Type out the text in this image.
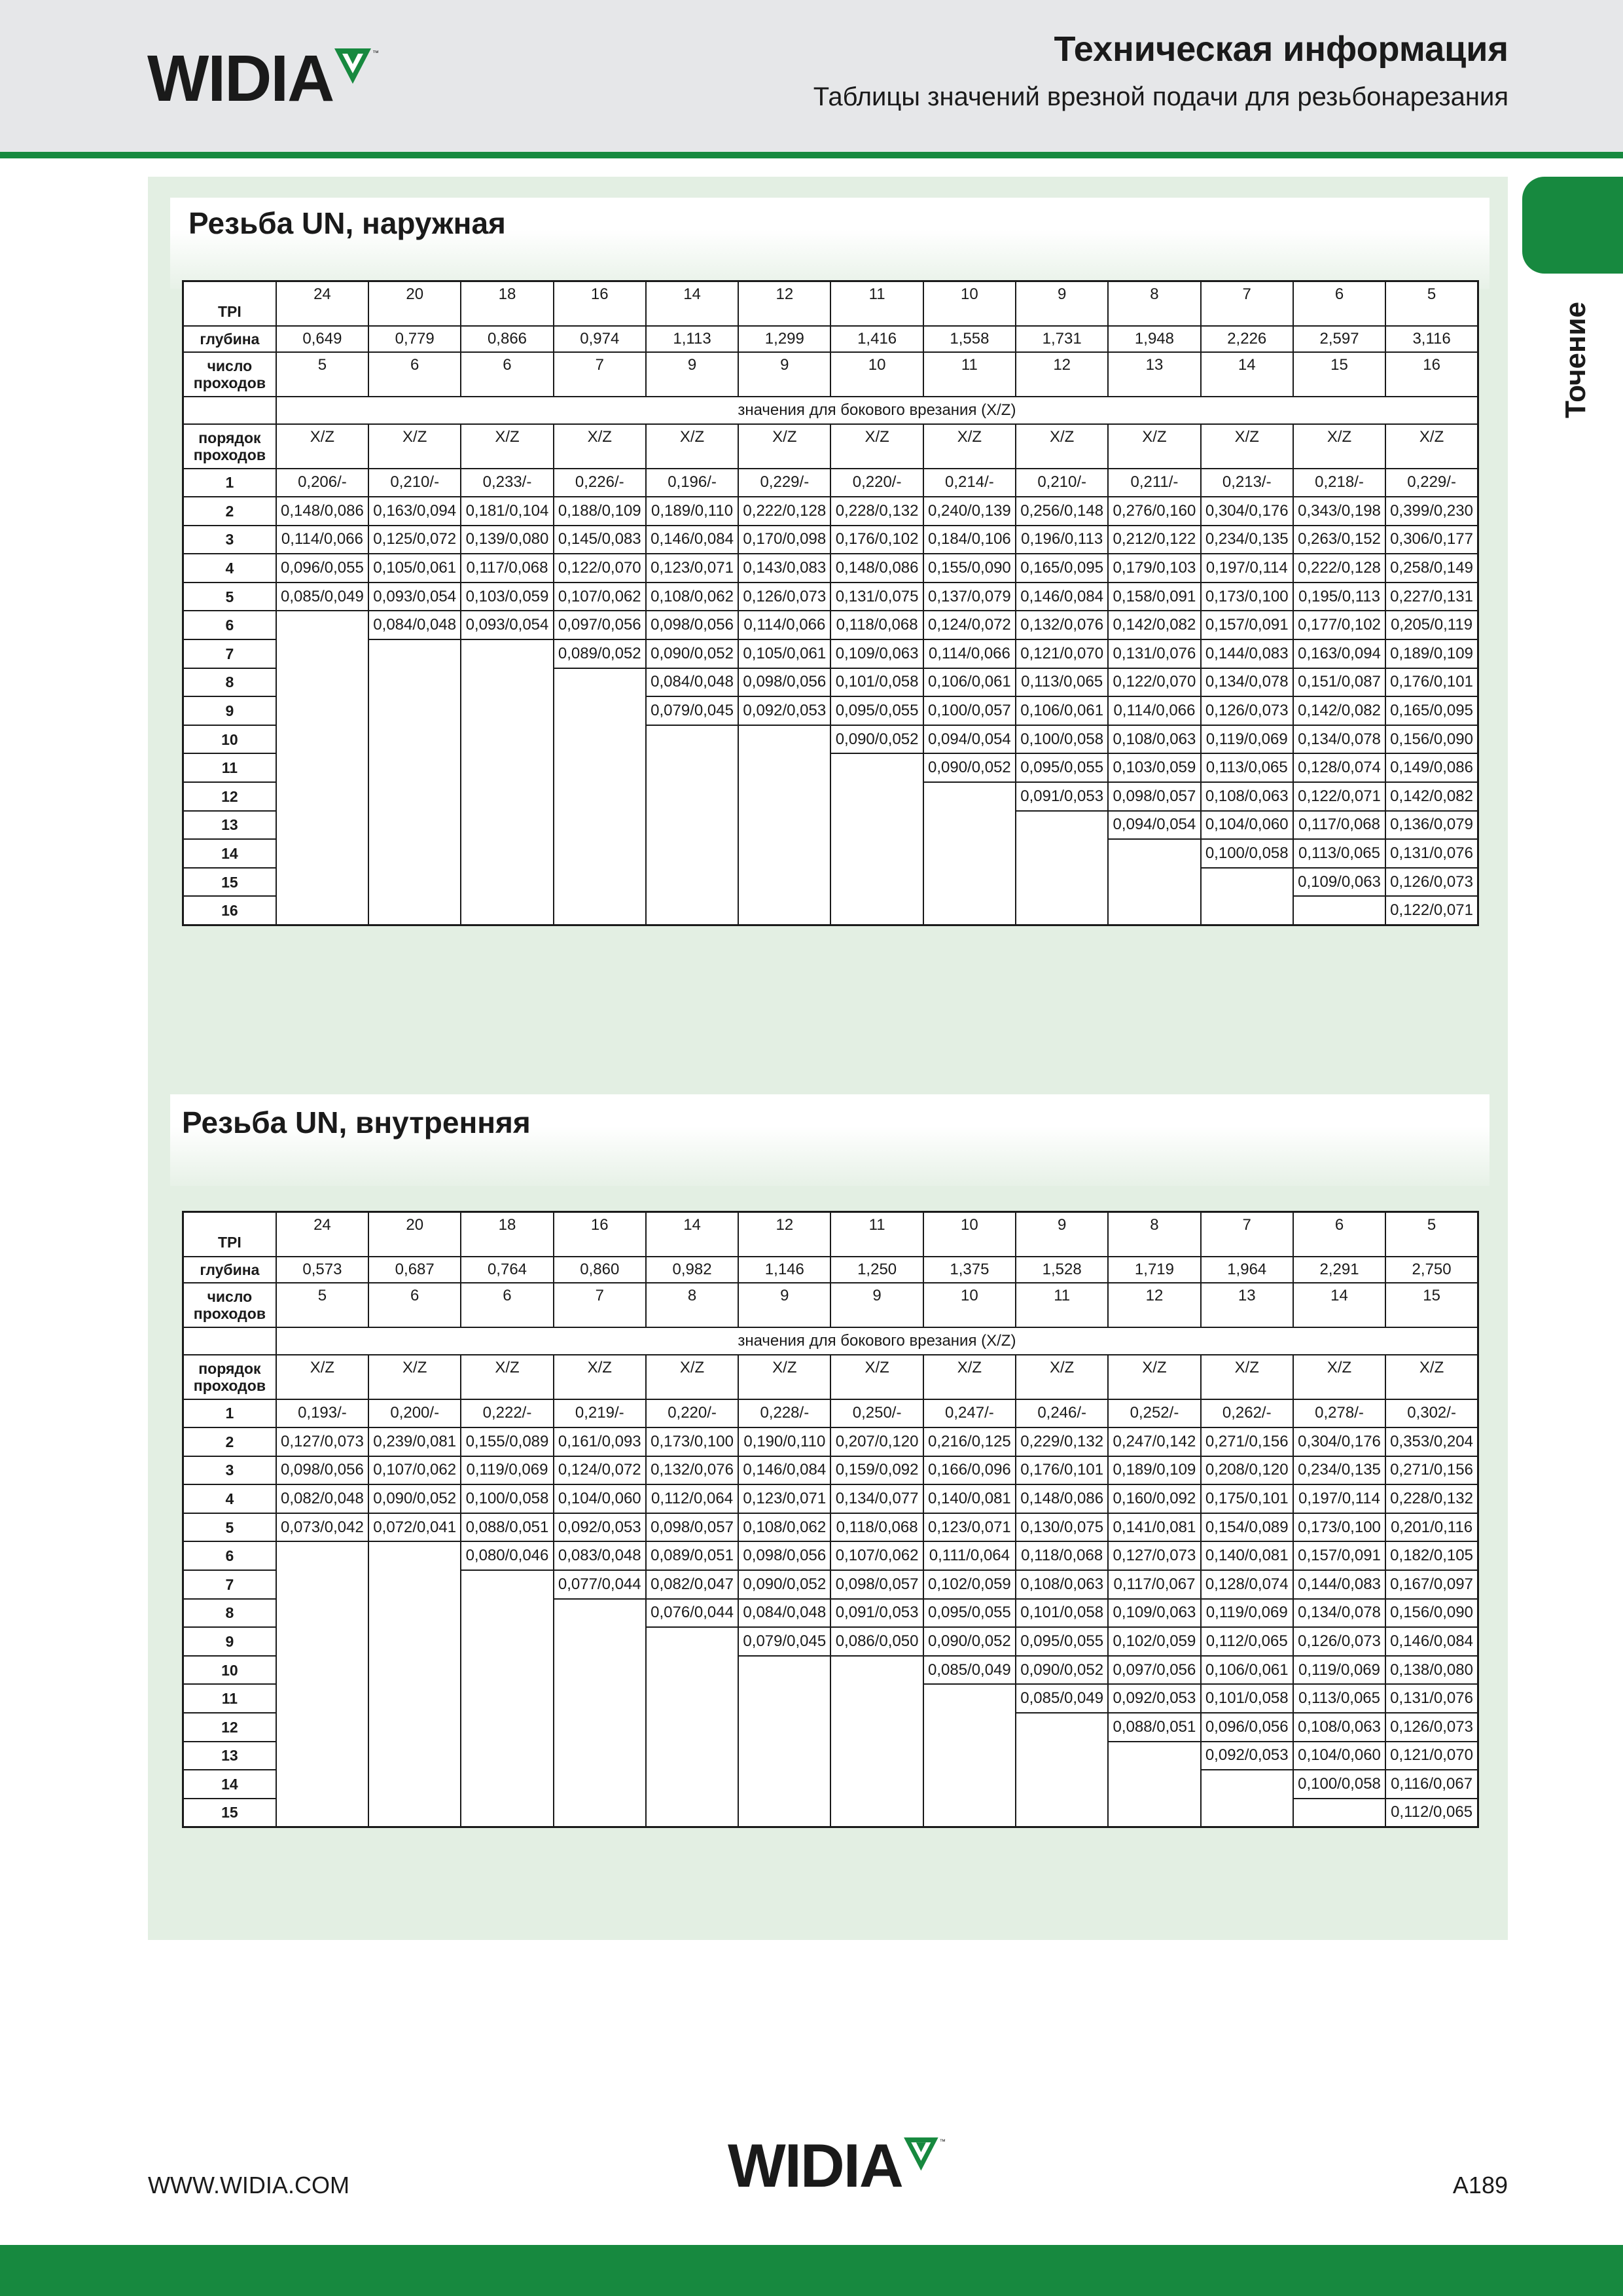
WIDIA	™	Техническая информация
Таблицы значений врезной подачи для резьбонарезания
Точение
Резьба UN, наружная
TPI	24	20	18	16	14	12	11	10	9	8	7	6	5
глубина	0,649	0,779	0,866	0,974	1,113	1,299	1,416	1,558	1,731	1,948	2,226	2,597	3,116
число проходов	5	6	6	7	9	9	10	11	12	13	14	15	16
	значения для бокового врезания (X/Z)												
порядок проходов	X/Z	X/Z	X/Z	X/Z	X/Z	X/Z	X/Z	X/Z	X/Z	X/Z	X/Z	X/Z	X/Z
1	0,206/-	0,210/-	0,233/-	0,226/-	0,196/-	0,229/-	0,220/-	0,214/-	0,210/-	0,211/-	0,213/-	0,218/-	0,229/-
2	0,148/0,086	0,163/0,094	0,181/0,104	0,188/0,109	0,189/0,110	0,222/0,128	0,228/0,132	0,240/0,139	0,256/0,148	0,276/0,160	0,304/0,176	0,343/0,198	0,399/0,230
3	0,114/0,066	0,125/0,072	0,139/0,080	0,145/0,083	0,146/0,084	0,170/0,098	0,176/0,102	0,184/0,106	0,196/0,113	0,212/0,122	0,234/0,135	0,263/0,152	0,306/0,177
4	0,096/0,055	0,105/0,061	0,117/0,068	0,122/0,070	0,123/0,071	0,143/0,083	0,148/0,086	0,155/0,090	0,165/0,095	0,179/0,103	0,197/0,114	0,222/0,128	0,258/0,149
5	0,085/0,049	0,093/0,054	0,103/0,059	0,107/0,062	0,108/0,062	0,126/0,073	0,131/0,075	0,137/0,079	0,146/0,084	0,158/0,091	0,173/0,100	0,195/0,113	0,227/0,131
6		0,084/0,048	0,093/0,054	0,097/0,056	0,098/0,056	0,114/0,066	0,118/0,068	0,124/0,072	0,132/0,076	0,142/0,082	0,157/0,091	0,177/0,102	0,205/0,119
7				0,089/0,052	0,090/0,052	0,105/0,061	0,109/0,063	0,114/0,066	0,121/0,070	0,131/0,076	0,144/0,083	0,163/0,094	0,189/0,109
8					0,084/0,048	0,098/0,056	0,101/0,058	0,106/0,061	0,113/0,065	0,122/0,070	0,134/0,078	0,151/0,087	0,176/0,101
9					0,079/0,045	0,092/0,053	0,095/0,055	0,100/0,057	0,106/0,061	0,114/0,066	0,126/0,073	0,142/0,082	0,165/0,095
10							0,090/0,052	0,094/0,054	0,100/0,058	0,108/0,063	0,119/0,069	0,134/0,078	0,156/0,090
11								0,090/0,052	0,095/0,055	0,103/0,059	0,113/0,065	0,128/0,074	0,149/0,086
12									0,091/0,053	0,098/0,057	0,108/0,063	0,122/0,071	0,142/0,082
13										0,094/0,054	0,104/0,060	0,117/0,068	0,136/0,079
14											0,100/0,058	0,113/0,065	0,131/0,076
15												0,109/0,063	0,126/0,073
16													0,122/0,071
Резьба UN, внутренняя
TPI	24	20	18	16	14	12	11	10	9	8	7	6	5
глубина	0,573	0,687	0,764	0,860	0,982	1,146	1,250	1,375	1,528	1,719	1,964	2,291	2,750
число проходов	5	6	6	7	8	9	9	10	11	12	13	14	15
	значения для бокового врезания (X/Z)												
порядок проходов	X/Z	X/Z	X/Z	X/Z	X/Z	X/Z	X/Z	X/Z	X/Z	X/Z	X/Z	X/Z	X/Z
1	0,193/-	0,200/-	0,222/-	0,219/-	0,220/-	0,228/-	0,250/-	0,247/-	0,246/-	0,252/-	0,262/-	0,278/-	0,302/-
2	0,127/0,073	0,239/0,081	0,155/0,089	0,161/0,093	0,173/0,100	0,190/0,110	0,207/0,120	0,216/0,125	0,229/0,132	0,247/0,142	0,271/0,156	0,304/0,176	0,353/0,204
3	0,098/0,056	0,107/0,062	0,119/0,069	0,124/0,072	0,132/0,076	0,146/0,084	0,159/0,092	0,166/0,096	0,176/0,101	0,189/0,109	0,208/0,120	0,234/0,135	0,271/0,156
4	0,082/0,048	0,090/0,052	0,100/0,058	0,104/0,060	0,112/0,064	0,123/0,071	0,134/0,077	0,140/0,081	0,148/0,086	0,160/0,092	0,175/0,101	0,197/0,114	0,228/0,132
5	0,073/0,042	0,072/0,041	0,088/0,051	0,092/0,053	0,098/0,057	0,108/0,062	0,118/0,068	0,123/0,071	0,130/0,075	0,141/0,081	0,154/0,089	0,173/0,100	0,201/0,116
6			0,080/0,046	0,083/0,048	0,089/0,051	0,098/0,056	0,107/0,062	0,111/0,064	0,118/0,068	0,127/0,073	0,140/0,081	0,157/0,091	0,182/0,105
7				0,077/0,044	0,082/0,047	0,090/0,052	0,098/0,057	0,102/0,059	0,108/0,063	0,117/0,067	0,128/0,074	0,144/0,083	0,167/0,097
8					0,076/0,044	0,084/0,048	0,091/0,053	0,095/0,055	0,101/0,058	0,109/0,063	0,119/0,069	0,134/0,078	0,156/0,090
9						0,079/0,045	0,086/0,050	0,090/0,052	0,095/0,055	0,102/0,059	0,112/0,065	0,126/0,073	0,146/0,084
10								0,085/0,049	0,090/0,052	0,097/0,056	0,106/0,061	0,119/0,069	0,138/0,080
11									0,085/0,049	0,092/0,053	0,101/0,058	0,113/0,065	0,131/0,076
12										0,088/0,051	0,096/0,056	0,108/0,063	0,126/0,073
13											0,092/0,053	0,104/0,060	0,121/0,070
14												0,100/0,058	0,116/0,067
15													0,112/0,065
WWW.WIDIA.COM	WIDIA	™
A189
